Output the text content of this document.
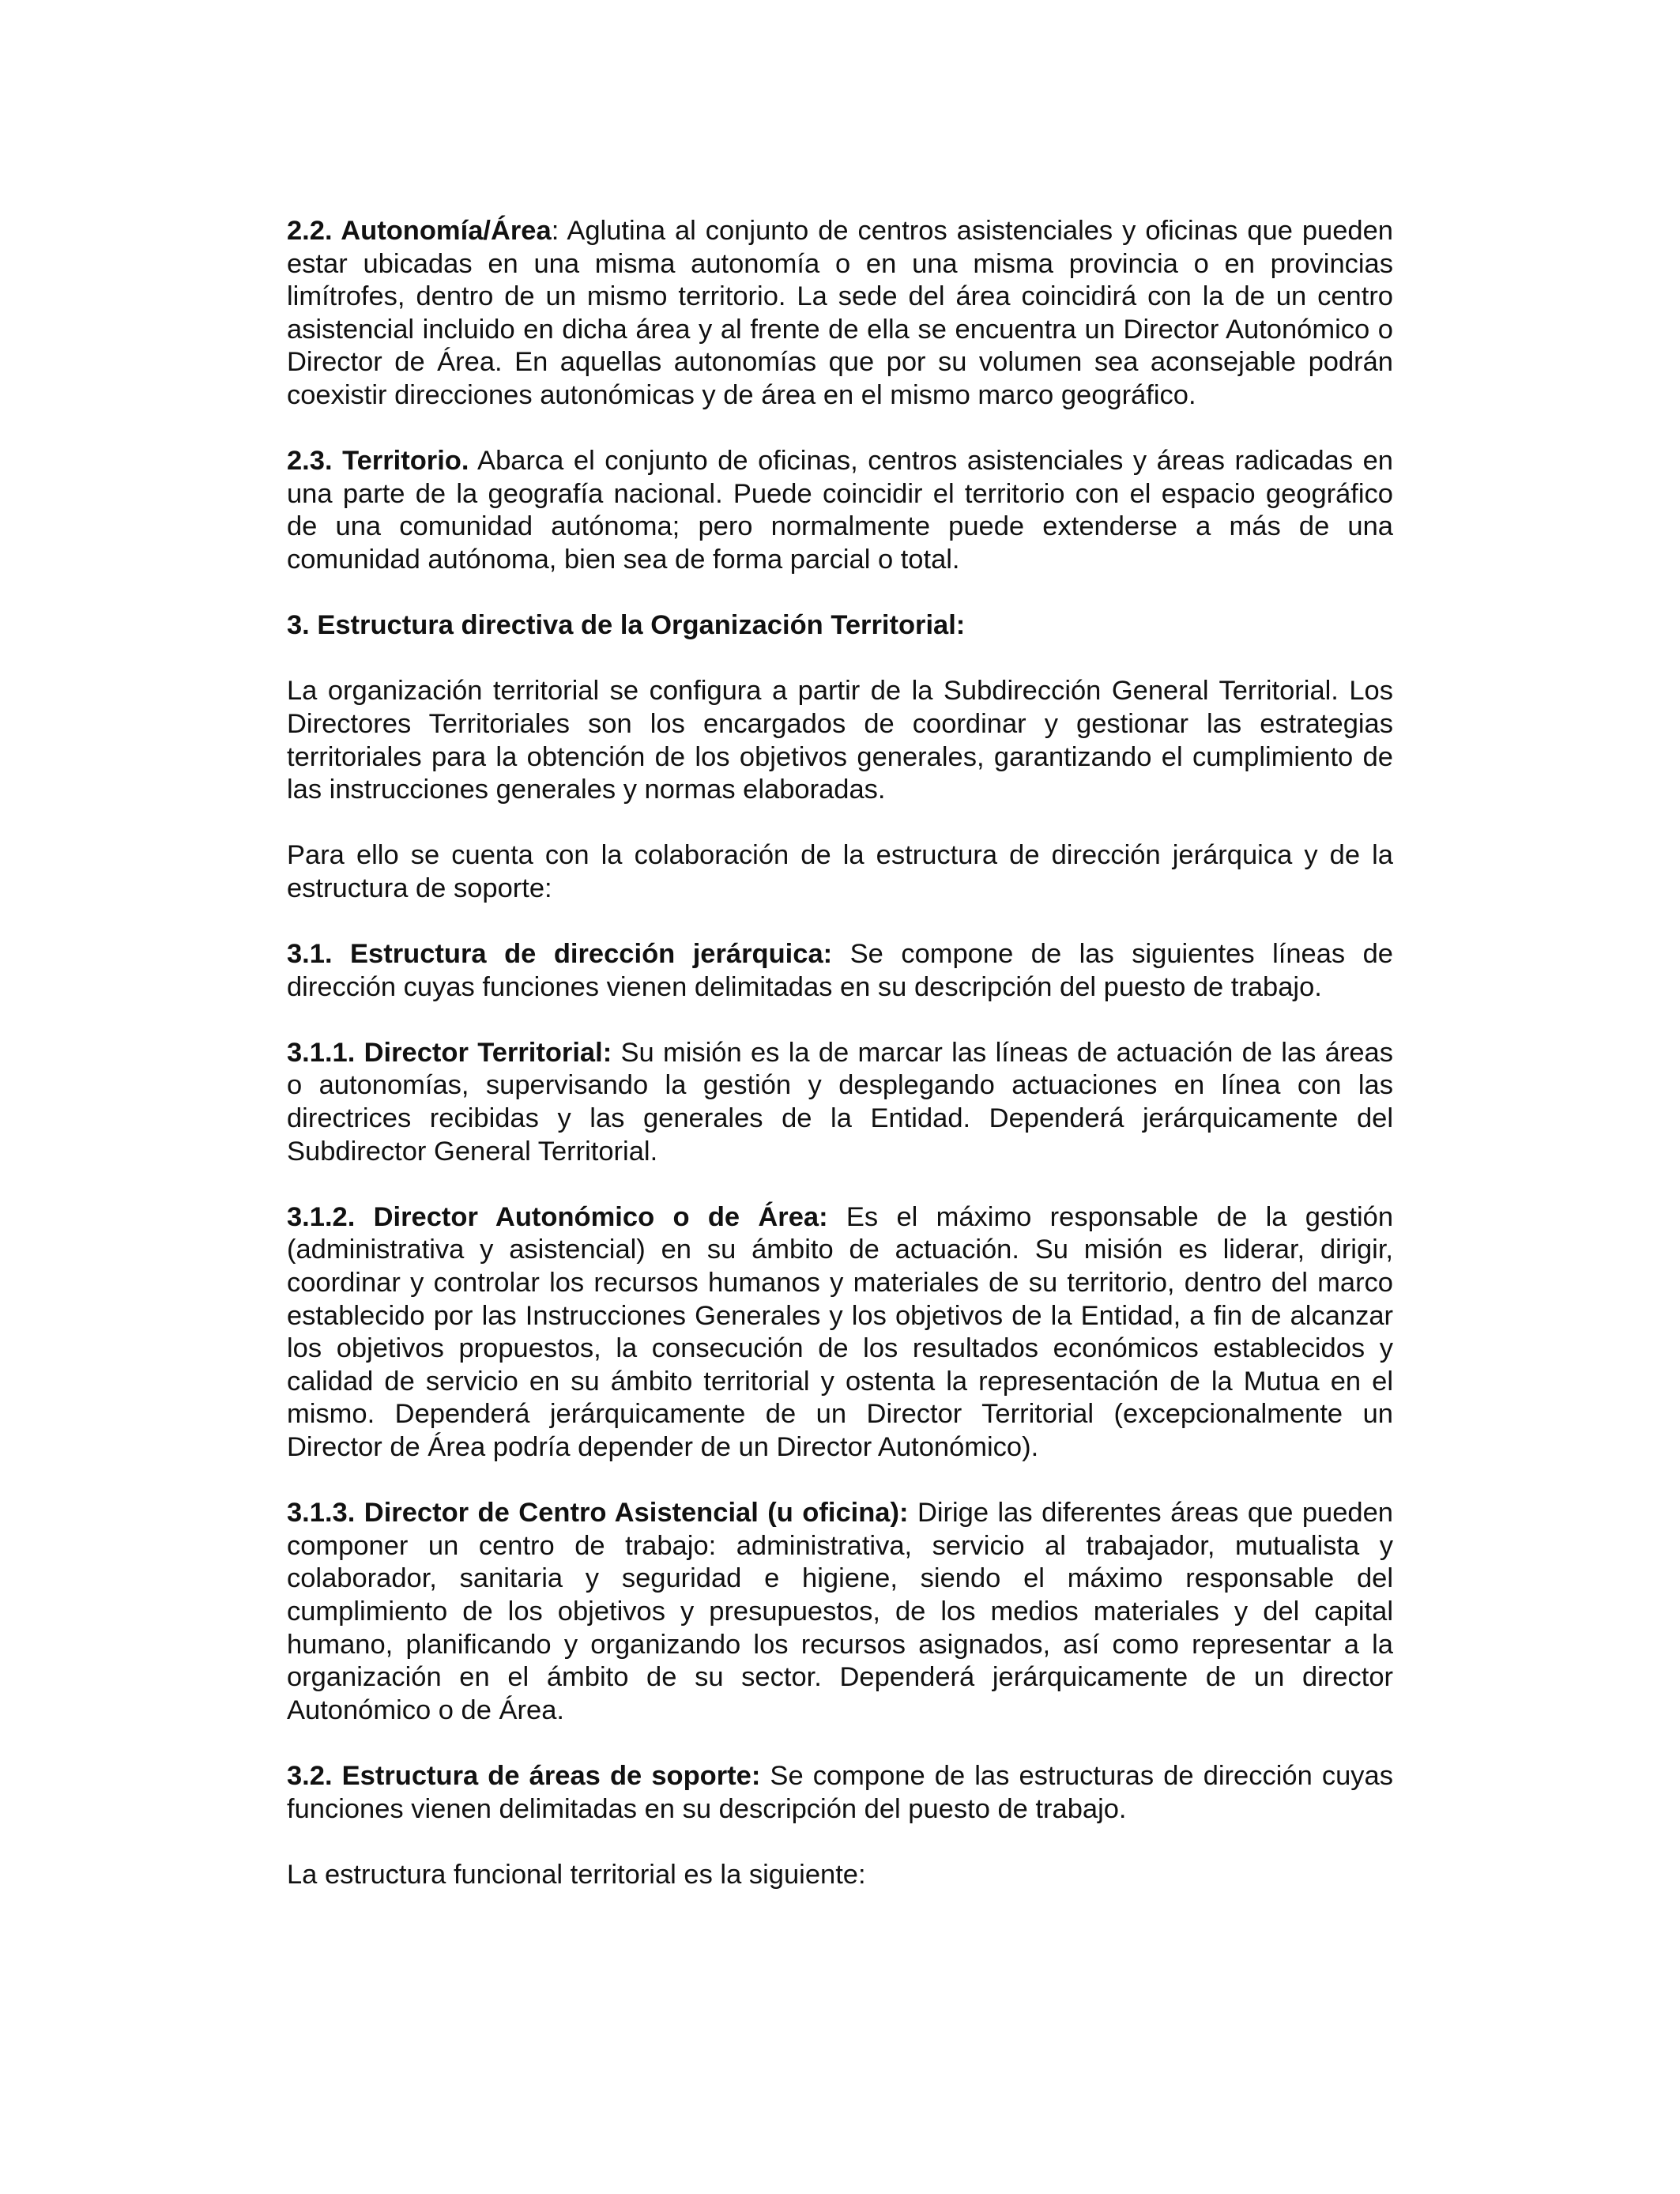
2.2. Autonomía/Área: Aglutina al conjunto de centros asistenciales y oficinas que pueden estar ubicadas en una misma autonomía o en una misma provincia o en provincias limítrofes, dentro de un mismo territorio. La sede del área coincidirá con la de un centro asistencial incluido en dicha área y al frente de ella se encuentra un Director Autonómico o Director de Área. En aquellas autonomías que por su volumen sea aconsejable podrán coexistir direcciones autonómicas y de área en el mismo marco geográfico.

2.3. Territorio. Abarca el conjunto de oficinas, centros asistenciales y áreas radicadas en una parte de la geografía nacional. Puede coincidir el territorio con el espacio geográfico de una comunidad autónoma; pero normalmente puede extenderse a más de una comunidad autónoma, bien sea de forma parcial o total.

3. Estructura directiva de la Organización Territorial:

La organización territorial se configura a partir de la Subdirección General Territorial. Los Directores Territoriales son los encargados de coordinar y gestionar las estrategias territoriales para la obtención de los objetivos generales, garantizando el cumplimiento de las instrucciones generales y normas elaboradas.

Para ello se cuenta con la colaboración de la estructura de dirección jerárquica y de la estructura de soporte:

3.1. Estructura de dirección jerárquica: Se compone de las siguientes líneas de dirección cuyas funciones vienen delimitadas en su descripción del puesto de trabajo.

3.1.1. Director Territorial: Su misión es la de marcar las líneas de actuación de las áreas o autonomías, supervisando la gestión y desplegando actuaciones en línea con las directrices recibidas y las generales de la Entidad. Dependerá jerárquicamente del Subdirector General Territorial.

3.1.2. Director Autonómico o de Área: Es el máximo responsable de la gestión (administrativa y asistencial) en su ámbito de actuación. Su misión es liderar, dirigir, coordinar y controlar los recursos humanos y materiales de su territorio, dentro del marco establecido por las Instrucciones Generales y los objetivos de la Entidad, a fin de alcanzar los objetivos propuestos, la consecución de los resultados económicos establecidos y calidad de servicio en su ámbito territorial y ostenta la representación de la Mutua en el mismo. Dependerá jerárquicamente de un Director Territorial (excepcionalmente un Director de Área podría depender de un Director Autonómico).

3.1.3. Director de Centro Asistencial (u oficina): Dirige las diferentes áreas que pueden componer un centro de trabajo: administrativa, servicio al trabajador, mutualista y colaborador, sanitaria y seguridad e higiene, siendo el máximo responsable del cumplimiento de los objetivos y presupuestos, de los medios materiales y del capital humano, planificando y organizando los recursos asignados, así como representar a la organización en el ámbito de su sector. Dependerá jerárquicamente de un director Autonómico o de Área.

3.2. Estructura de áreas de soporte: Se compone de las estructuras de dirección cuyas funciones vienen delimitadas en su descripción del puesto de trabajo.

La estructura funcional territorial es la siguiente:
